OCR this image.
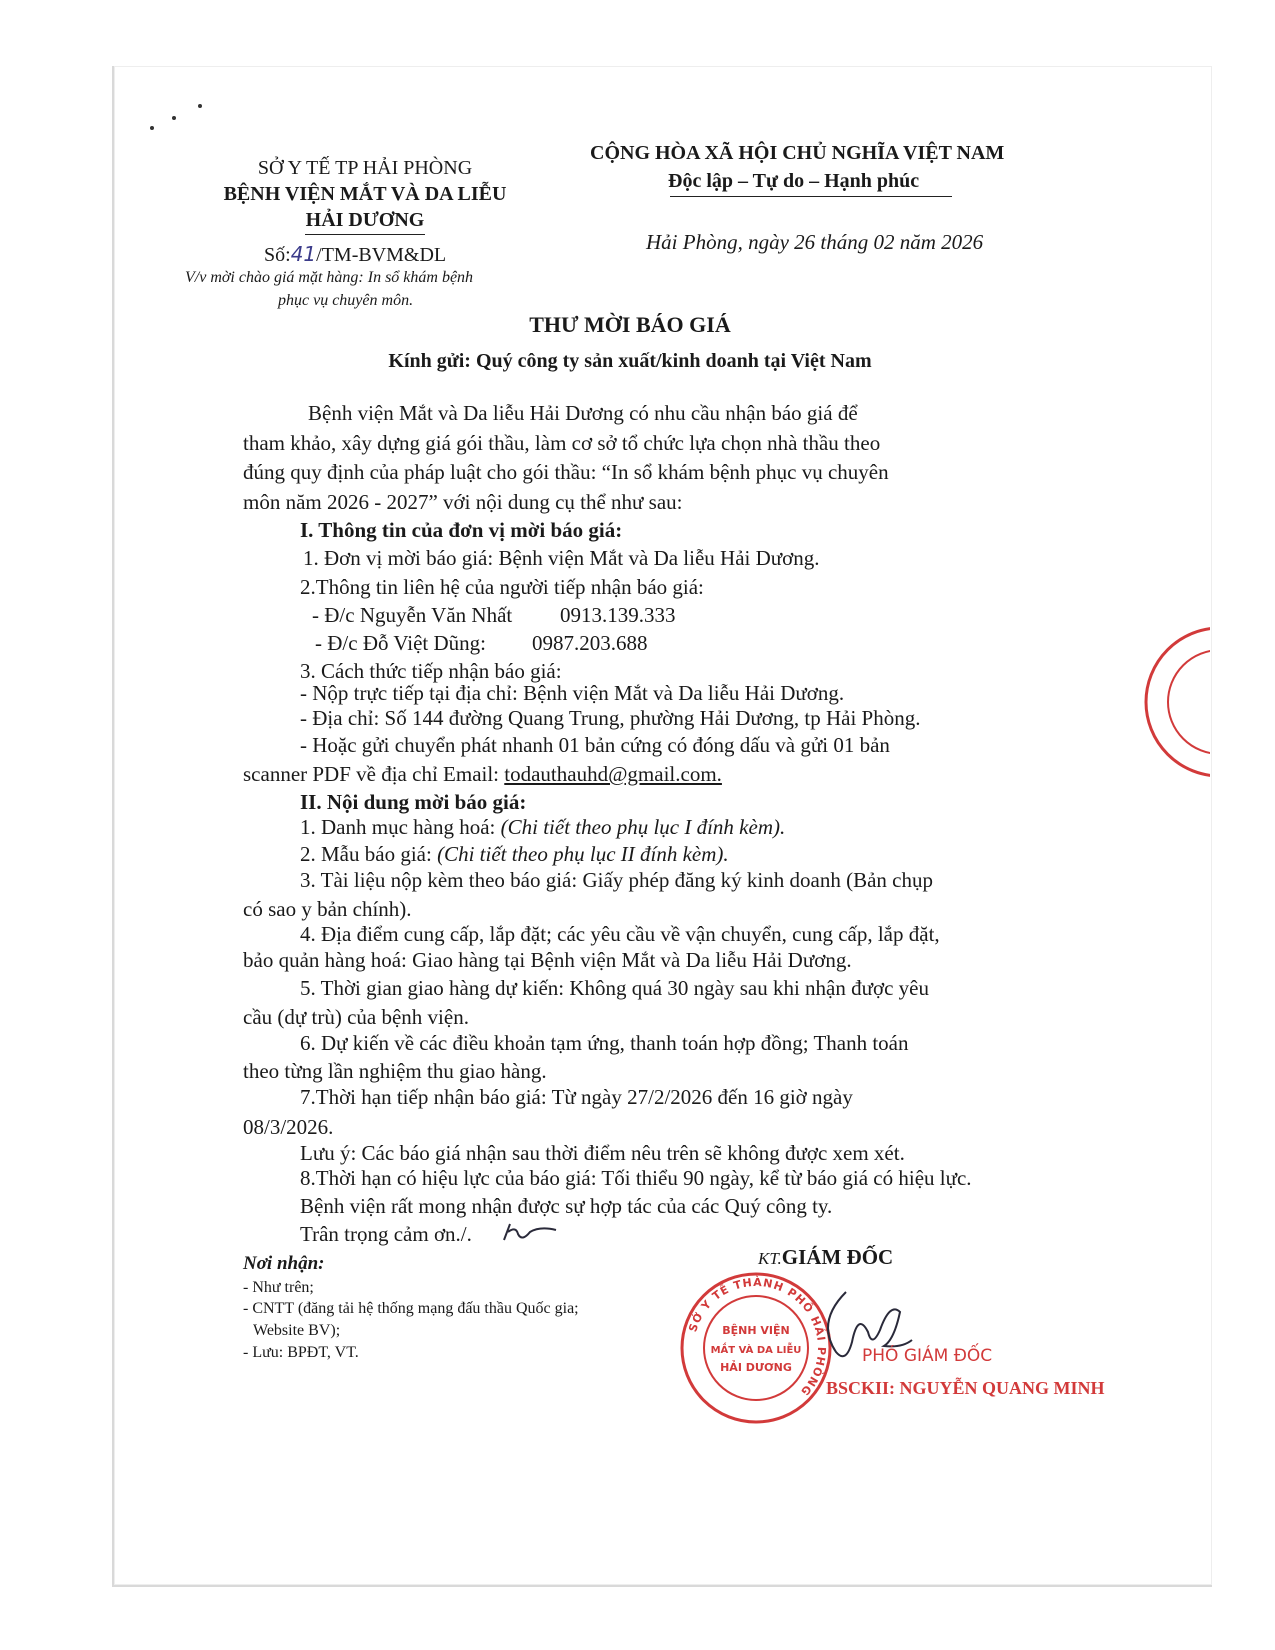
SỞ Y TẾ TP HẢI PHÒNG
BỆNH VIỆN MẮT VÀ DA LIỄU
HẢI DƯƠNG
Số:41/TM-BVM&DL
V/v mời chào giá mặt hàng: In sổ khám bệnh
phục vụ chuyên môn.
CỘNG HÒA XÃ HỘI CHỦ NGHĨA VIỆT NAM
Độc lập – Tự do – Hạnh phúc
Hải Phòng, ngày 26 tháng 02 năm 2026
THƯ MỜI BÁO GIÁ
Kính gửi: Quý công ty sản xuất/kinh doanh tại Việt Nam
Bệnh viện Mắt và Da liễu Hải Dương có nhu cầu nhận báo giá để
tham khảo, xây dựng giá gói thầu, làm cơ sở tổ chức lựa chọn nhà thầu theo
đúng quy định của pháp luật cho gói thầu: “In sổ khám bệnh phục vụ chuyên
môn năm 2026 - 2027” với nội dung cụ thể như sau:
I. Thông tin của đơn vị mời báo giá:
1. Đơn vị mời báo giá: Bệnh viện Mắt và Da liễu Hải Dương.
2.Thông tin liên hệ của người tiếp nhận báo giá:
- Đ/c Nguyễn Văn Nhất 0913.139.333
- Đ/c Đỗ Việt Dũng: 0987.203.688
3. Cách thức tiếp nhận báo giá:
- Nộp trực tiếp tại địa chỉ: Bệnh viện Mắt và Da liễu Hải Dương.
- Địa chỉ: Số 144 đường Quang Trung, phường Hải Dương, tp Hải Phòng.
- Hoặc gửi chuyển phát nhanh 01 bản cứng có đóng dấu và gửi 01 bản
scanner PDF về địa chỉ Email: todauthauhd@gmail.com.
II. Nội dung mời báo giá:
1. Danh mục hàng hoá: (Chi tiết theo phụ lục I đính kèm).
2. Mẫu báo giá: (Chi tiết theo phụ lục II đính kèm).
3. Tài liệu nộp kèm theo báo giá: Giấy phép đăng ký kinh doanh (Bản chụp
có sao y bản chính).
4. Địa điểm cung cấp, lắp đặt; các yêu cầu về vận chuyển, cung cấp, lắp đặt,
bảo quản hàng hoá: Giao hàng tại Bệnh viện Mắt và Da liễu Hải Dương.
5. Thời gian giao hàng dự kiến: Không quá 30 ngày sau khi nhận được yêu
cầu (dự trù) của bệnh viện.
6. Dự kiến về các điều khoản tạm ứng, thanh toán hợp đồng; Thanh toán
theo từng lần nghiệm thu giao hàng.
7.Thời hạn tiếp nhận báo giá: Từ ngày 27/2/2026 đến 16 giờ ngày
08/3/2026.
Lưu ý: Các báo giá nhận sau thời điểm nêu trên sẽ không được xem xét.
8.Thời hạn có hiệu lực của báo giá: Tối thiểu 90 ngày, kể từ báo giá có hiệu lực.
Bệnh viện rất mong nhận được sự hợp tác của các Quý công ty.
Trân trọng cảm ơn./.
Nơi nhận:
- Như trên;
- CNTT (đăng tải hệ thống mạng đấu thầu Quốc gia;
Website BV);
- Lưu: BPĐT, VT.
KT.GIÁM ĐỐC
SỞ Y TẾ THÀNH PHỐ HẢI PHÒNG
BỆNH VIỆN
MẮT VÀ DA LIỄU
HẢI DƯƠNG
PHÓ GIÁM ĐỐC
BSCKII: NGUYỄN QUANG MINH
